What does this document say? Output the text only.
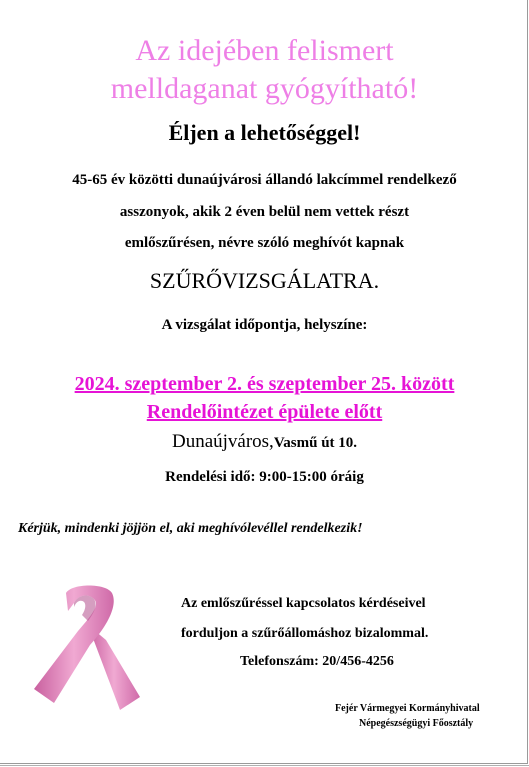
Az idejében felismert
melldaganat gyógyítható!
Éljen a lehetőséggel!
45-65 év közötti dunaújvárosi állandó lakcímmel rendelkező
asszonyok, akik 2 éven belül nem vettek részt
emlőszűrésen, névre szóló meghívót kapnak
SZŰRŐVIZSGÁLATRA.
A vizsgálat időpontja, helyszíne:
2024. szeptember 2. és szeptember 25. között
Rendelőintézet épülete előtt
Dunaújváros,Vasmű út 10.
Rendelési idő: 9:00-15:00 óráig
Kérjük, mindenki jöjjön el, aki meghívólevéllel rendelkezik!
Az emlőszűréssel kapcsolatos kérdéseivel
forduljon a szűrőállomáshoz bizalommal.
Telefonszám: 20/456-4256
Fejér Vármegyei Kormányhivatal
Népegészségügyi Főosztály
